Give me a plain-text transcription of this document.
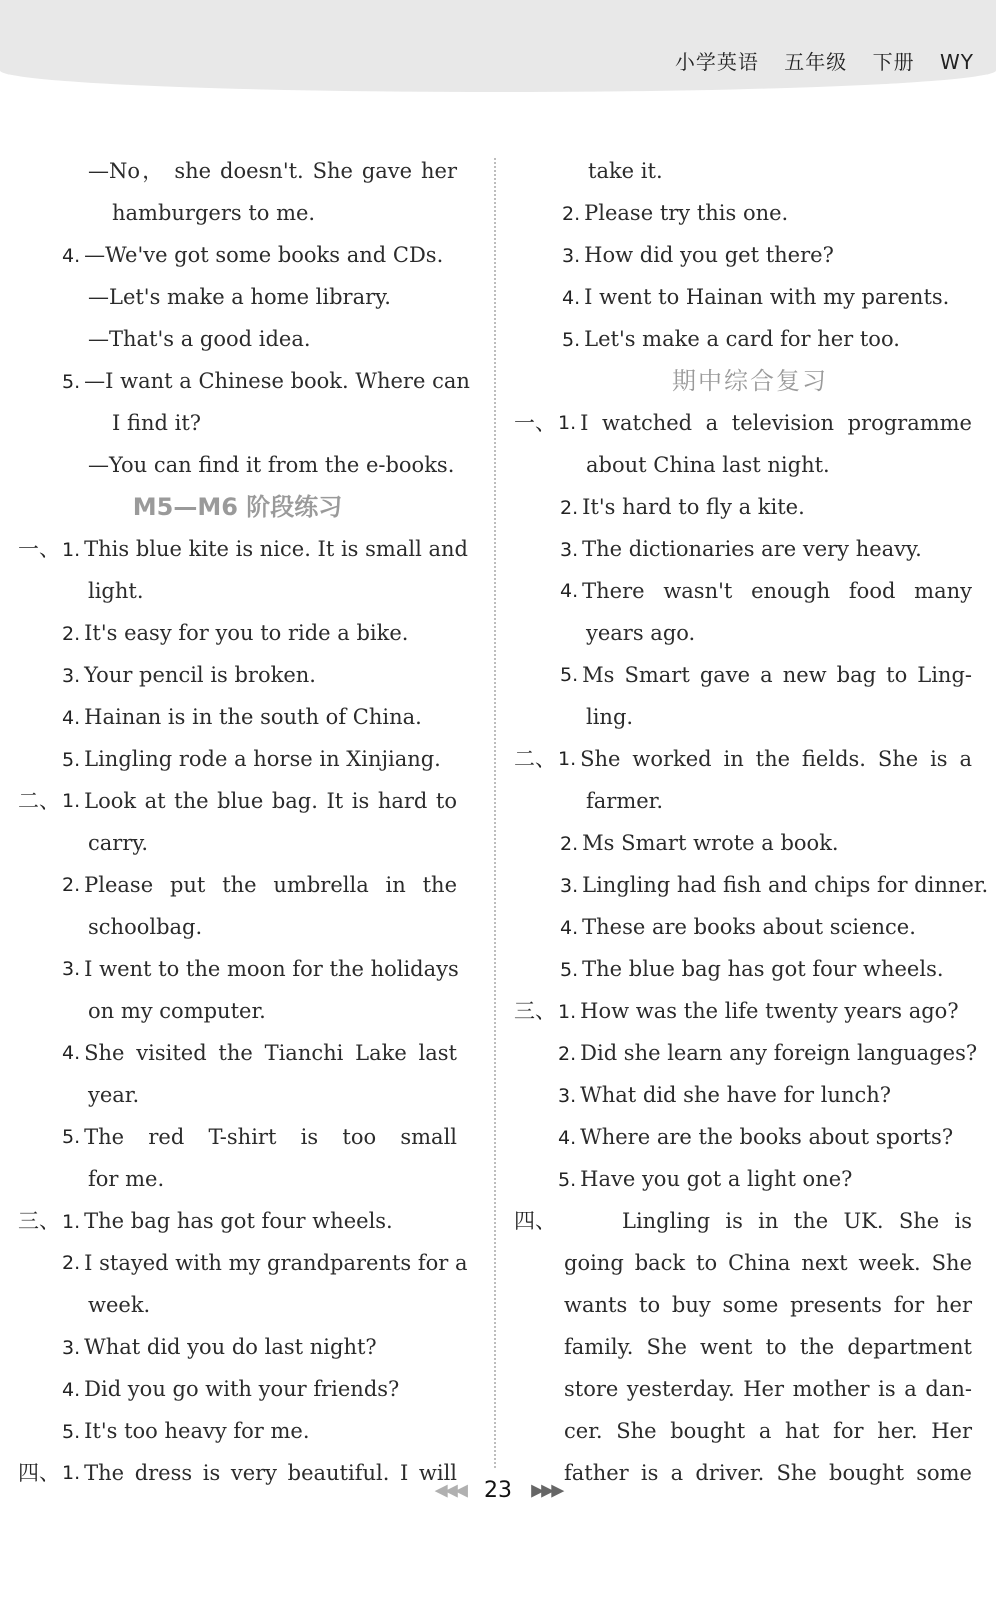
小学英语 五年级 下册 WY
—No， she doesn't. She gave her
hamburgers to me.
4. —We've got some books and CDs.
—Let's make a home library.
—That's a good idea.
5. —I want a Chinese book. Where can
I find it?
—You can find it from the e-books.
M5—M6 阶段练习
一、 1. This blue kite is nice. It is small and
light.
2. It's easy for you to ride a bike.
3. Your pencil is broken.
4. Hainan is in the south of China.
5. Lingling rode a horse in Xinjiang.
二、 1. Look at the blue bag. It is hard to
carry.
2. Please put the umbrella in the
schoolbag.
3. I went to the moon for the holidays
on my computer.
4. She visited the Tianchi Lake last
year.
5. The red T-shirt is too small
for me.
三、 1. The bag has got four wheels.
2. I stayed with my grandparents for a
week.
3. What did you do last night?
4. Did you go with your friends?
5. It's too heavy for me.
四、 1. The dress is very beautiful. I will
take it.
2. Please try this one.
3. How did you get there?
4. I went to Hainan with my parents.
5. Let's make a card for her too.
期中综合复习
一、 1. I watched a television programme
about China last night.
2. It's hard to fly a kite.
3. The dictionaries are very heavy.
4. There wasn't enough food many
years ago.
5. Ms Smart gave a new bag to Ling-
ling.
二、 1. She worked in the fields. She is a
farmer.
2. Ms Smart wrote a book.
3. Lingling had fish and chips for dinner.
4. These are books about science.
5. The blue bag has got four wheels.
三、 1. How was the life twenty years ago?
2. Did she learn any foreign languages?
3. What did she have for lunch?
4. Where are the books about sports?
5. Have you got a light one?
四、	Lingling is in the UK. She is
going back to China next week. She
wants to buy some presents for her
family. She went to the department
store yesterday. Her mother is a dan-
cer. She bought a hat for her. Her
father is a driver. She bought some
◀◀◀ 23 ▶▶▶
